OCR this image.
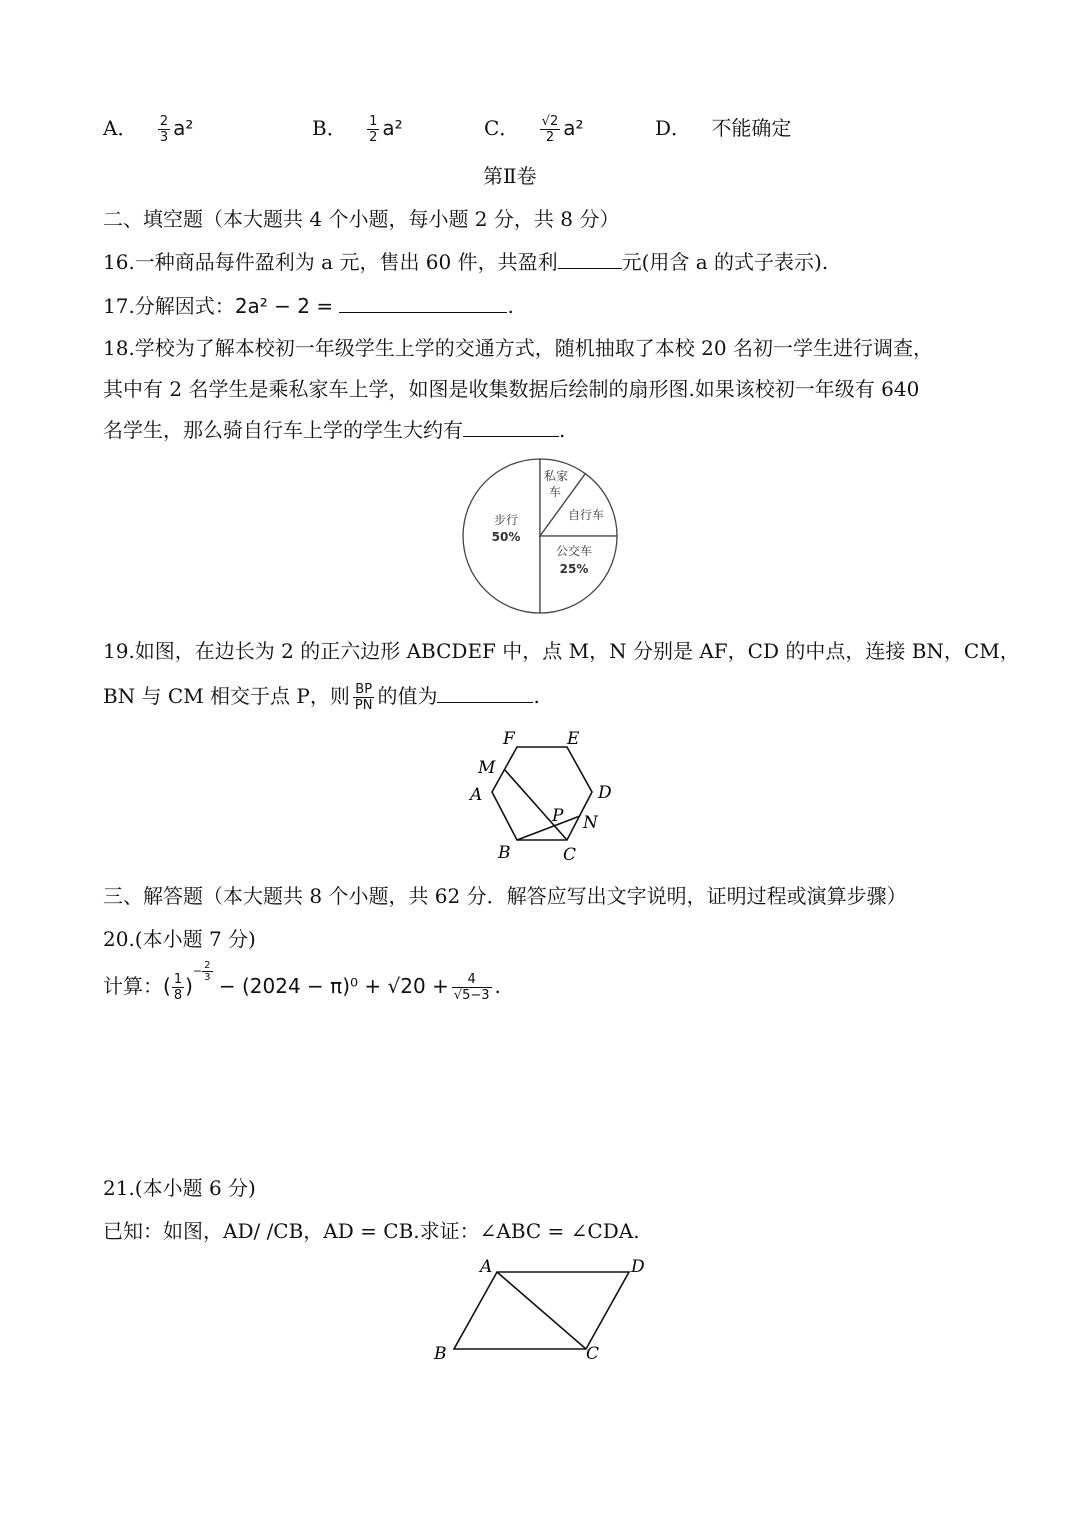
A． $\frac{2}{3} a^2$	B． $\frac{1}{2} a^2$	C． $\frac{√2}{2} a^2$	D． 不能确定
第Ⅱ卷
二、填空题（本大题共 4 个小题，每小题 2 分，共 8 分）
16.一种商品每件盈利为 a 元，售出 60 件，共盈利	元(用含 a 的式子表示).
17.分解因式：2a² − 2 =	.
18.学校为了解本校初一年级学生上学的交通方式，随机抽取了本校 20 名初一学生进行调查，
其中有 2 名学生是乘私家车上学，如图是收集数据后绘制的扇形图.如果该校初一年级有 640
名学生，那么骑自行车上学的学生大约有	.
步行
50%
公交车
25%
自行车
私家
车
19.如图，在边长为 2 的正六边形 ABCDEF 中，点 M，N 分别是 AF，CD 的中点，连接 BN，CM，
BN 与 CM 相交于点 P，则 $\frac{BP}{PN}$ 的值为	.
F	E
M
A	D
P N
B	C
三、解答题（本大题共 8 个小题，共 62 分．解答应写出文字说明，证明过程或演算步骤）
20.(本小题 7 分)
计算：( $\frac{1}{8}$ )− $\frac{2}{3}$
− $(2024 - \pi)^0 + √20 + \frac{4}{√5-3}$ .
21.(本小题 6 分)
已知：如图，AD/ /CB，AD = CB.求证：∠ABC = ∠CDA.
A	D
B	C
